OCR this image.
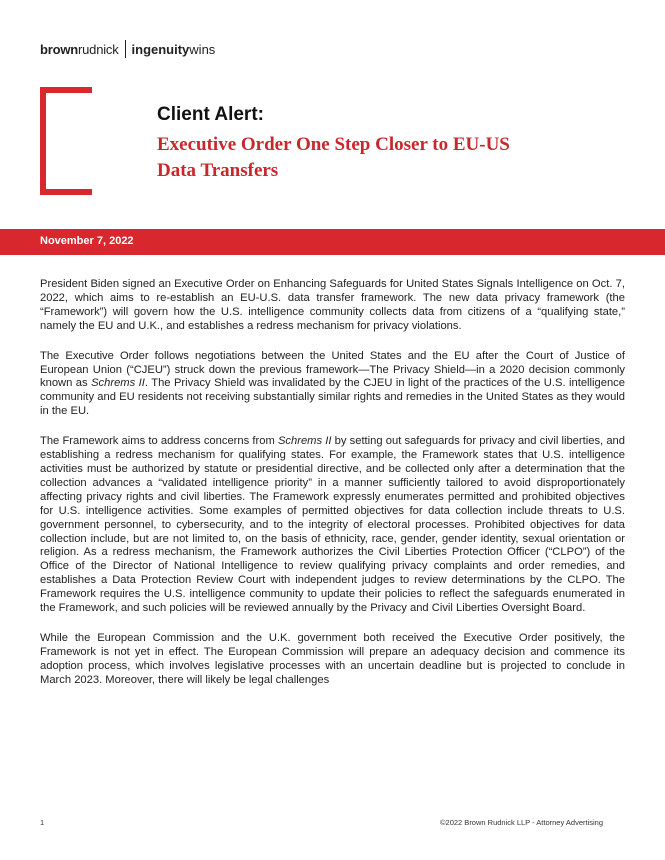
brown rudnick ingenuity wins
Client Alert:
Executive Order One Step Closer to EU-US
Data Transfers
November 7, 2022

President Biden signed an Executive Order on Enhancing Safeguards for United States Signals Intelligence on Oct. 7, 2022, which aims to re-establish an EU-U.S. data transfer framework. The new data privacy framework (the “Framework”) will govern how the U.S. intelligence community collects data from citizens of a “qualifying state,” namely the EU and U.K., and establishes a redress mechanism for privacy violations.

The Executive Order follows negotiations between the United States and the EU after the Court of Justice of European Union (“CJEU”) struck down the previous framework—The Privacy Shield—in a 2020 decision commonly known as Schrems II. The Privacy Shield was invalidated by the CJEU in light of the practices of the U.S. intelligence community and EU residents not receiving substantially similar rights and remedies in the United States as they would in the EU.

The Framework aims to address concerns from Schrems II by setting out safeguards for privacy and civil liberties, and establishing a redress mechanism for qualifying states. For example, the Framework states that U.S. intelligence activities must be authorized by statute or presidential directive, and be collected only after a determination that the collection advances a “validated intelligence priority” in a manner sufficiently tailored to avoid disproportionately affecting privacy rights and civil liberties. The Framework expressly enumerates permitted and prohibited objectives for U.S. intelligence activities. Some examples of permitted objectives for data collection include threats to U.S. government personnel, to cybersecurity, and to the integrity of electoral processes. Prohibited objectives for data collection include, but are not limited to, on the basis of ethnicity, race, gender, gender identity, sexual orientation or religion. As a redress mechanism, the Framework authorizes the Civil Liberties Protection Officer (“CLPO”) of the Office of the Director of National Intelligence to review qualifying privacy complaints and order remedies, and establishes a Data Protection Review Court with independent judges to review determinations by the CLPO. The Framework requires the U.S. intelligence community to update their policies to reflect the safeguards enumerated in the Framework, and such policies will be reviewed annually by the Privacy and Civil Liberties Oversight Board.

While the European Commission and the U.K. government both received the Executive Order positively, the Framework is not yet in effect. The European Commission will prepare an adequacy decision and commence its adoption process, which involves legislative processes with an uncertain deadline but is projected to conclude in March 2023. Moreover, there will likely be legal challenges

1	©2022 Brown Rudnick LLP - Attorney Advertising
